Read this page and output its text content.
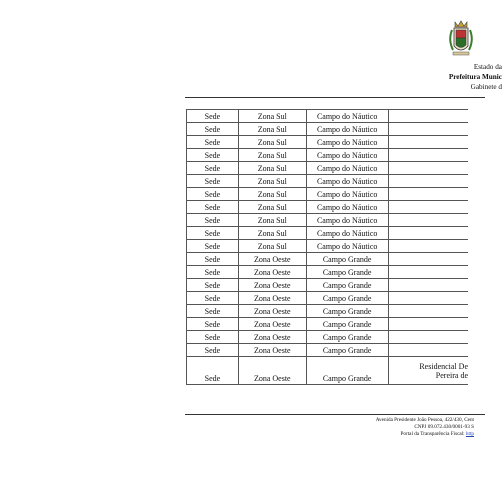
Estado da
Prefeitura Munic
Gabinete d
Sede	Zona Sul	Campo do Náutico	
Sede	Zona Sul	Campo do Náutico	
Sede	Zona Sul	Campo do Náutico	
Sede	Zona Sul	Campo do Náutico	
Sede	Zona Sul	Campo do Náutico	
Sede	Zona Sul	Campo do Náutico	
Sede	Zona Sul	Campo do Náutico	
Sede	Zona Sul	Campo do Náutico	
Sede	Zona Sul	Campo do Náutico	
Sede	Zona Sul	Campo do Náutico	
Sede	Zona Sul	Campo do Náutico	
Sede	Zona Oeste	Campo Grande	
Sede	Zona Oeste	Campo Grande	
Sede	Zona Oeste	Campo Grande	
Sede	Zona Oeste	Campo Grande	
Sede	Zona Oeste	Campo Grande	
Sede	Zona Oeste	Campo Grande	
Sede	Zona Oeste	Campo Grande	
Sede	Zona Oeste	Campo Grande	
Sede	Zona Oeste	Campo Grande	Residencial De
Pereira de
Avenida Presidente João Pessoa, 422/430, Cent
CNPJ 09.072.430/0001-93 S
Portal da Transparência Fiscal: http
